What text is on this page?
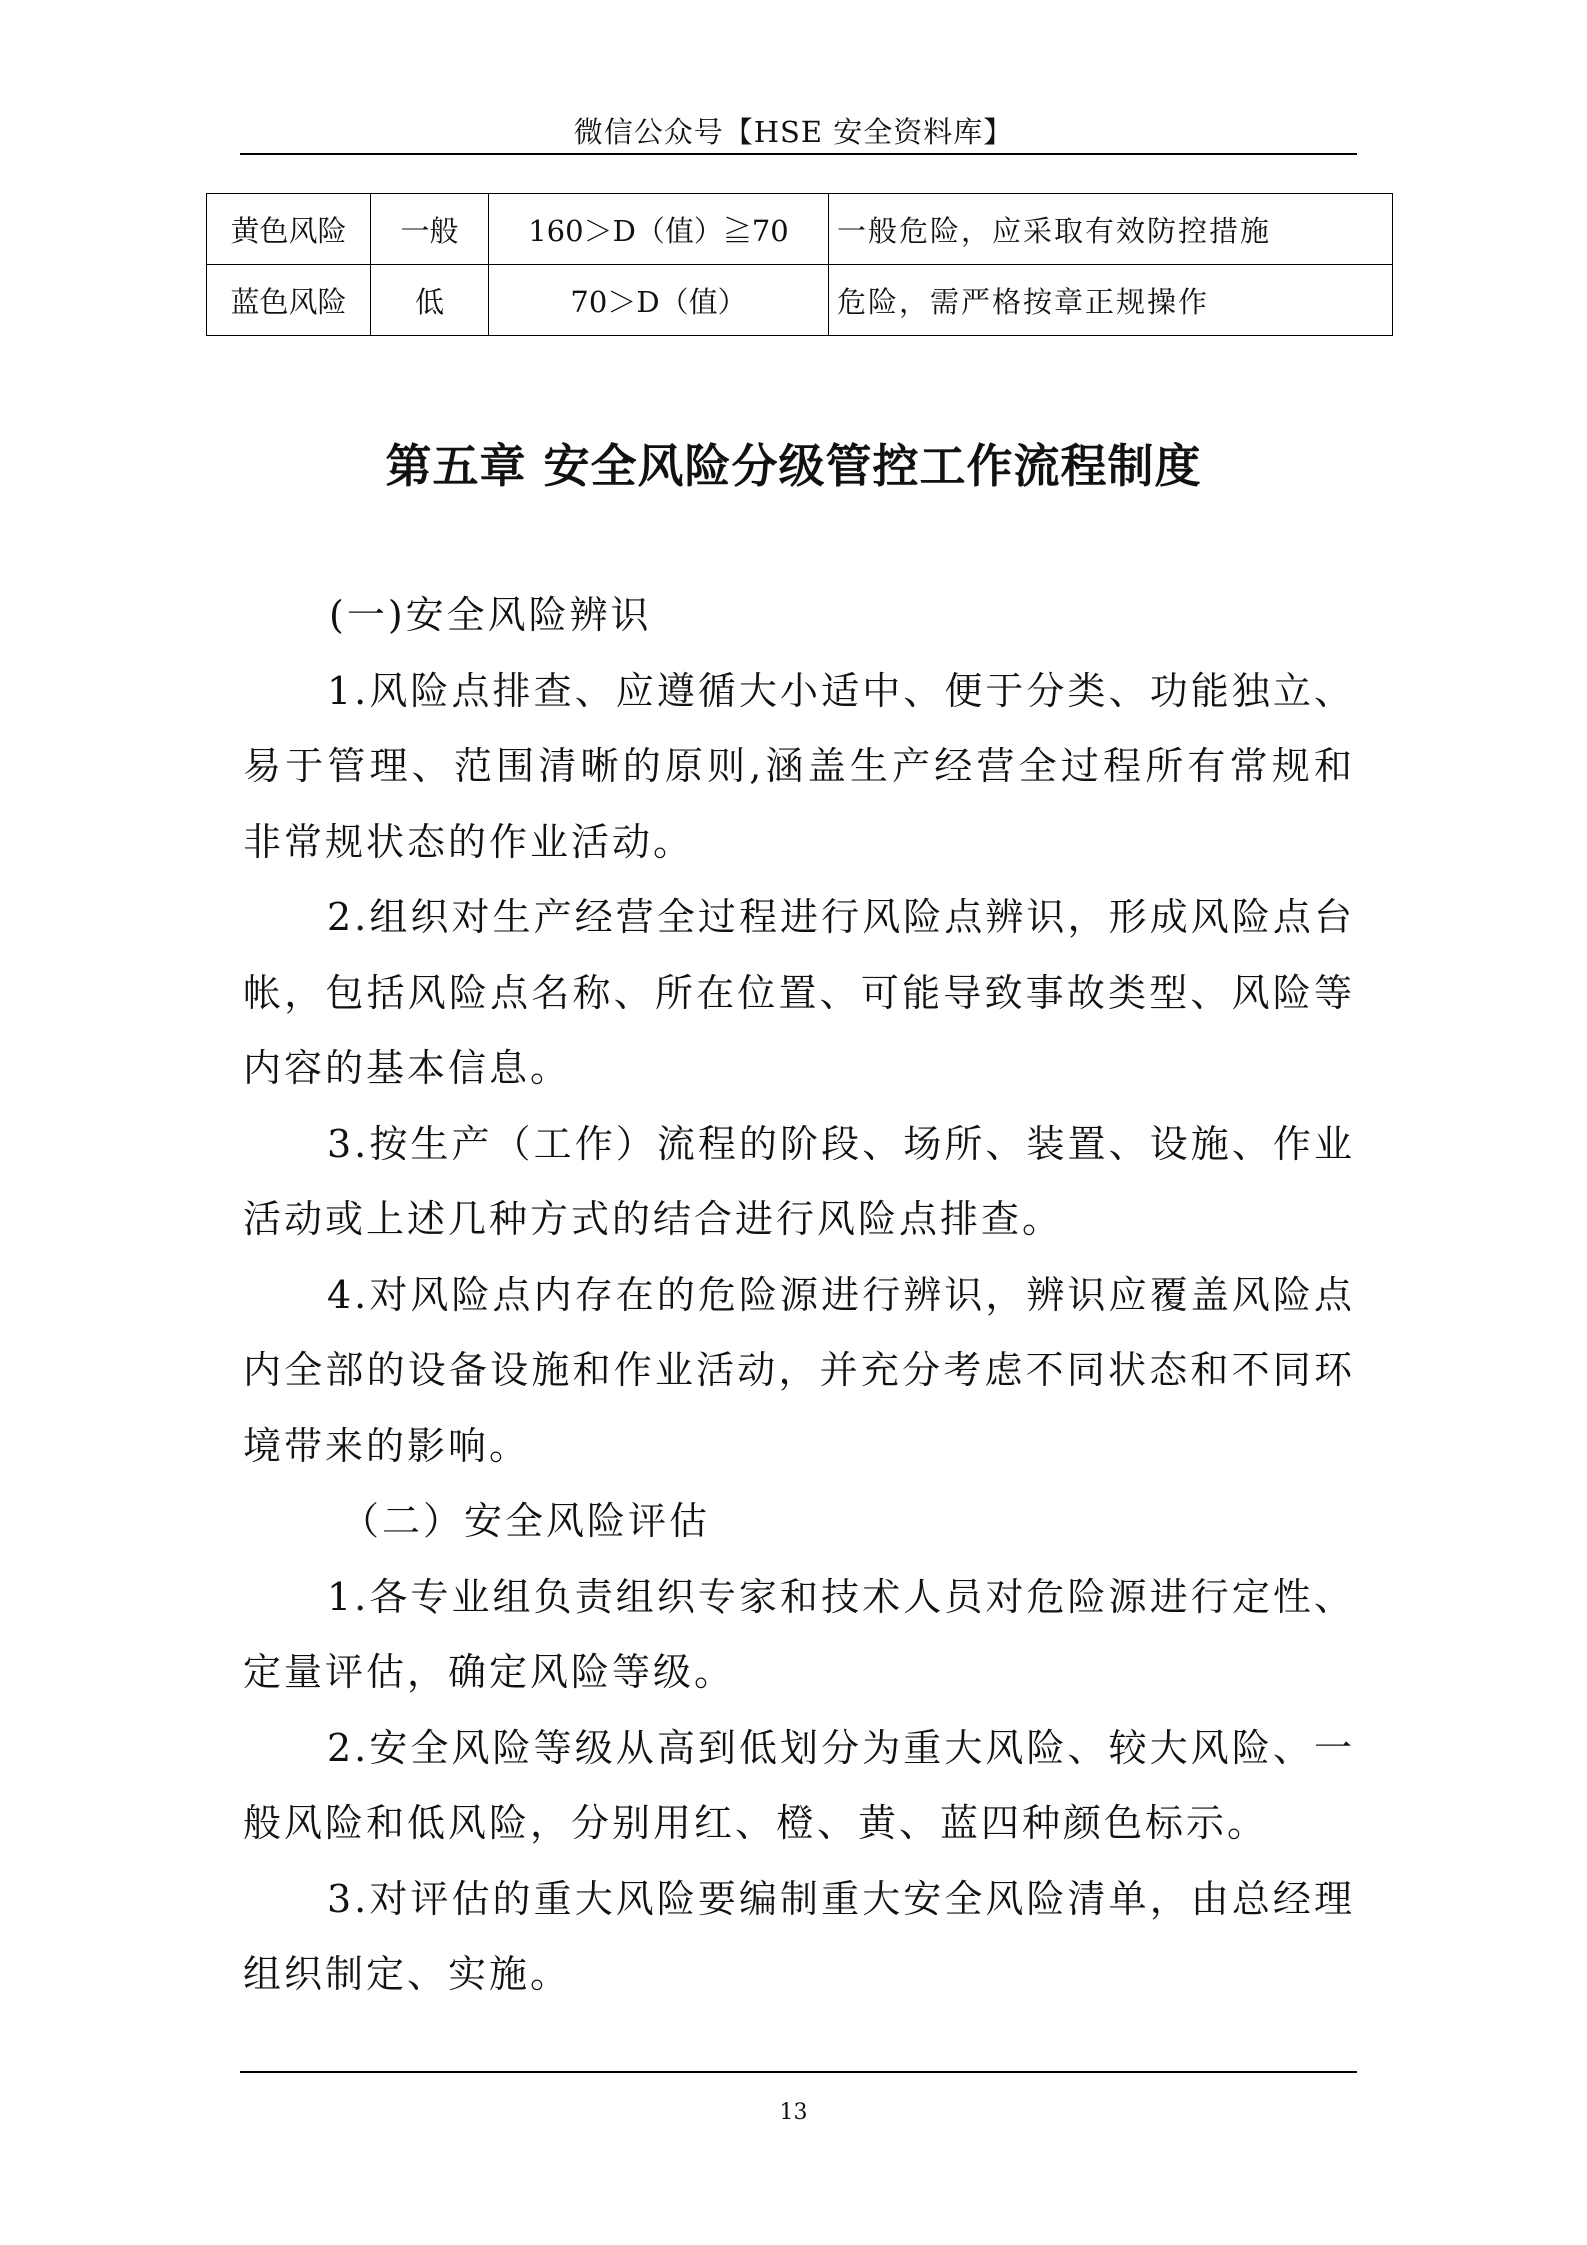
微信公众号【HSE 安全资料库】
黄色风险	一般	160＞D（值）≧70	一般危险，应采取有效防控措施
蓝色风险	低	70＞D（值）	危险，需严格按章正规操作
第五章 安全风险分级管控工作流程制度

(一)安全风险辨识

1.风险点排查、应遵循大小适中、便于分类、功能独立、易于管理、范围清晰的原则,涵盖生产经营全过程所有常规和非常规状态的作业活动。

2.组织对生产经营全过程进行风险点辨识，形成风险点台帐，包括风险点名称、所在位置、可能导致事故类型、风险等内容的基本信息。

3.按生产（工作）流程的阶段、场所、装置、设施、作业活动或上述几种方式的结合进行风险点排查。

4.对风险点内存在的危险源进行辨识，辨识应覆盖风险点内全部的设备设施和作业活动，并充分考虑不同状态和不同环境带来的影响。

（二）安全风险评估

1.各专业组负责组织专家和技术人员对危险源进行定性、定量评估，确定风险等级。

2.安全风险等级从高到低划分为重大风险、较大风险、一般风险和低风险，分别用红、橙、黄、蓝四种颜色标示。

3.对评估的重大风险要编制重大安全风险清单，由总经理组织制定、实施。

13
